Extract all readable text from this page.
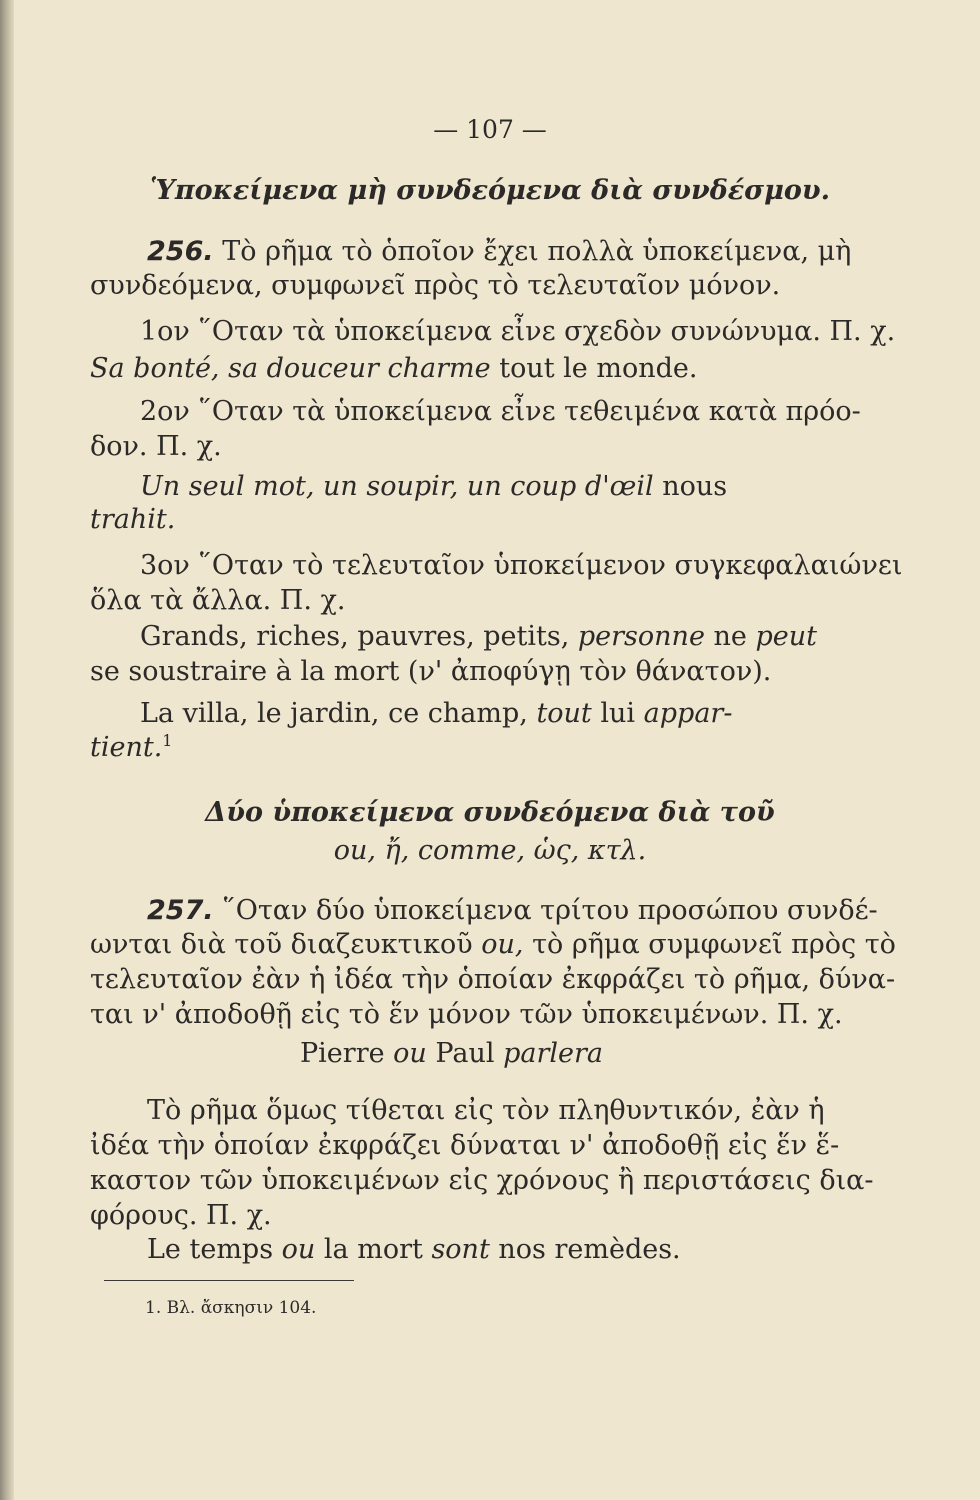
— 107 —

Ὑποκείμενα μὴ συνδεόμενα διὰ συνδέσμου.

256. Τὸ ρῆμα τὸ ὁποῖον ἔχει πολλὰ ὑποκείμενα, μὴ

συνδεόμενα, συμφωνεῖ πρὸς τὸ τελευταῖον μόνον.

1ον ῞Οταν τὰ ὑποκείμενα εἶνε σχεδὸν συνώνυμα. Π. χ.

Sa bonté, sa douceur charme tout le monde.

2ον ῞Οταν τὰ ὑποκείμενα εἶνε τεθειμένα κατὰ πρόο-

δον. Π. χ.

Un seul mot, un soupir, un coup d'œil nous

trahit.

3ον ῞Οταν τὸ τελευταῖον ὑποκείμενον συγκεφαλαιώνει

ὅλα τὰ ἄλλα. Π. χ.

Grands, riches, pauvres, petits, personne ne peut

se soustraire à la mort (ν' ἀποφύγῃ τὸν θάνατον).

La villa, le jardin, ce champ, tout lui appar-

tient.$^1$

Δύο ὑποκείμενα συνδεόμενα διὰ τοῦ

ou, ἤ, comme, ὡς, κτλ.

257. ῞Οταν δύο ὑποκείμενα τρίτου προσώπου συνδέ-

ωνται διὰ τοῦ διαζευκτικοῦ ou, τὸ ρῆμα συμφωνεῖ πρὸς τὸ

τελευταῖον ἐὰν ἡ ἰδέα τὴν ὁποίαν ἐκφράζει τὸ ρῆμα, δύνα-

ται ν' ἀποδοθῇ εἰς τὸ ἕν μόνον τῶν ὑποκειμένων. Π. χ.

Pierre ou Paul parlera

Τὸ ρῆμα ὅμως τίθεται εἰς τὸν πληθυντικόν, ἐὰν ἡ

ἰδέα τὴν ὁποίαν ἐκφράζει δύναται ν' ἀποδοθῇ εἰς ἕν ἕ-

καστον τῶν ὑποκειμένων εἰς χρόνους ἢ περιστάσεις δια-

φόρους. Π. χ.

Le temps ou la mort sont nos remèdes.

1. Βλ. ἄσκησιν 104.
